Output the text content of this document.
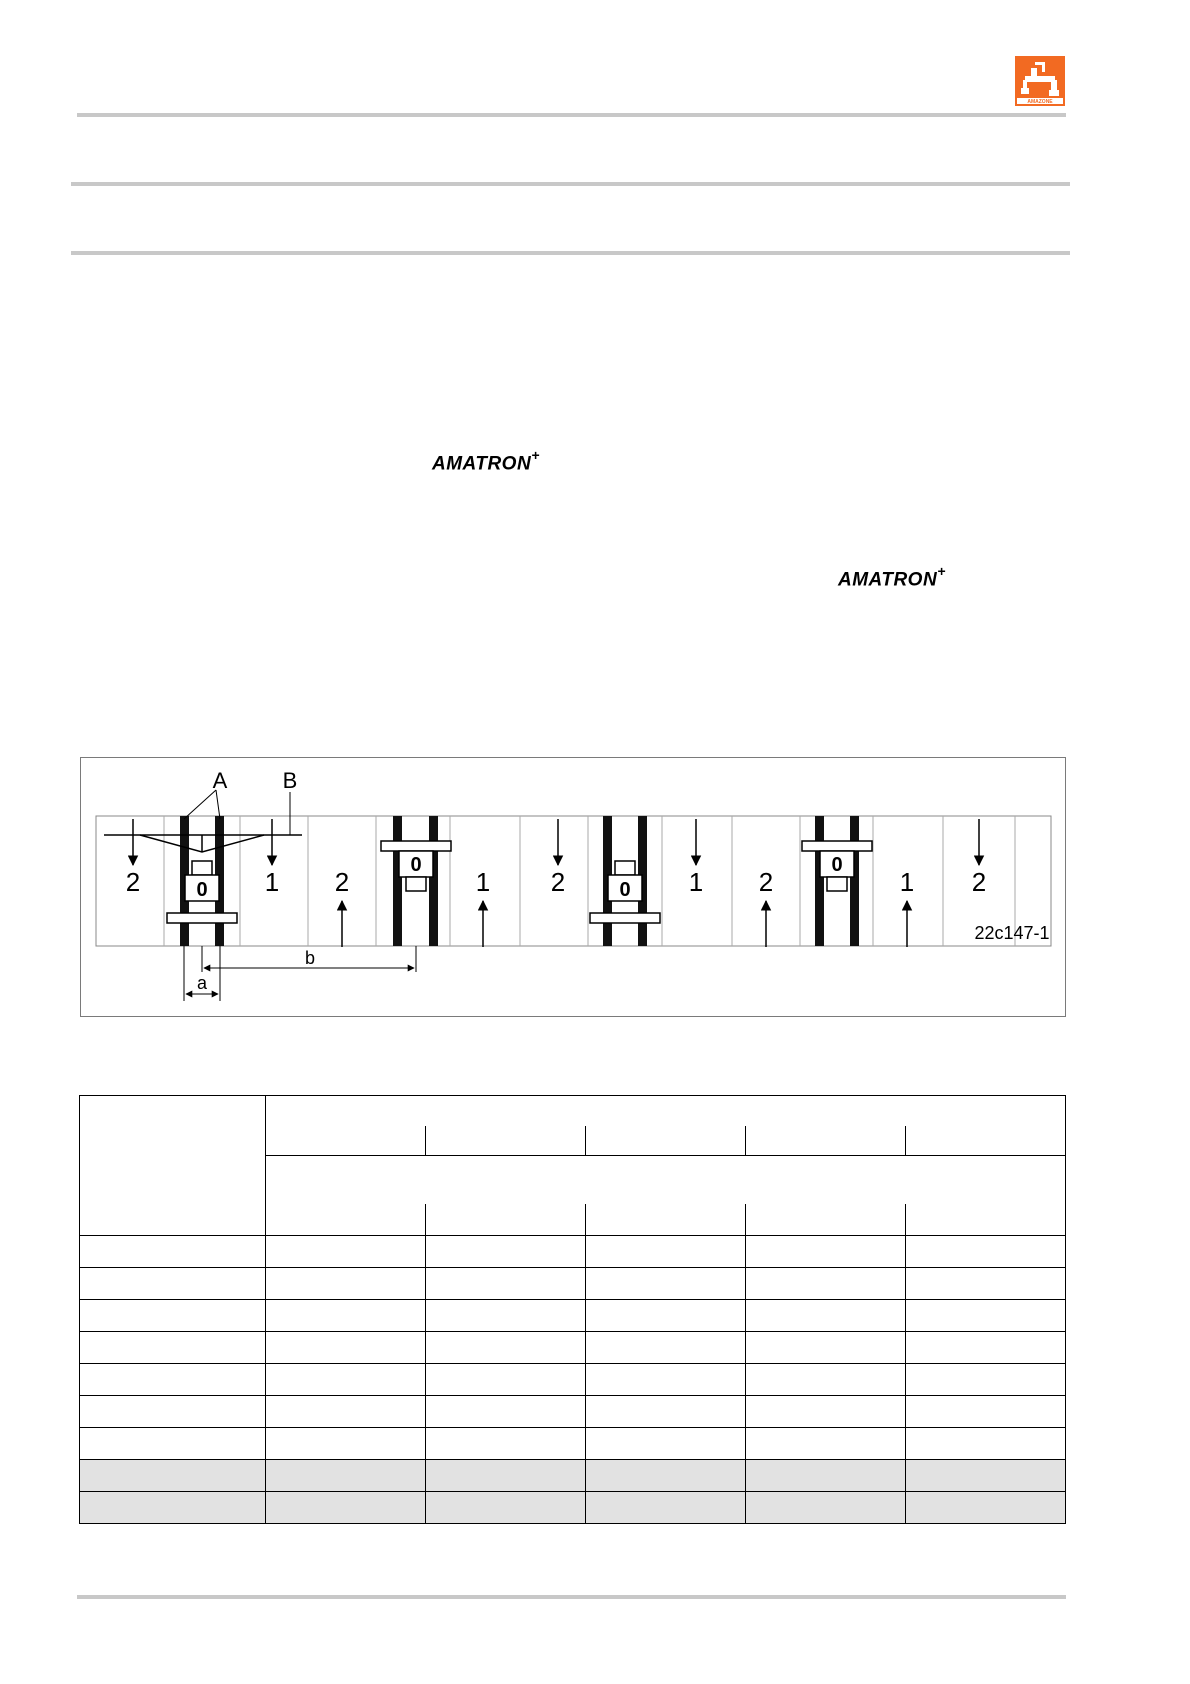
AMAZONE
AMATRON+
AMATRON+
A	B
0
0
0
0
2	1 2	1 2	1 2	1 2
22c147-1
b
a
